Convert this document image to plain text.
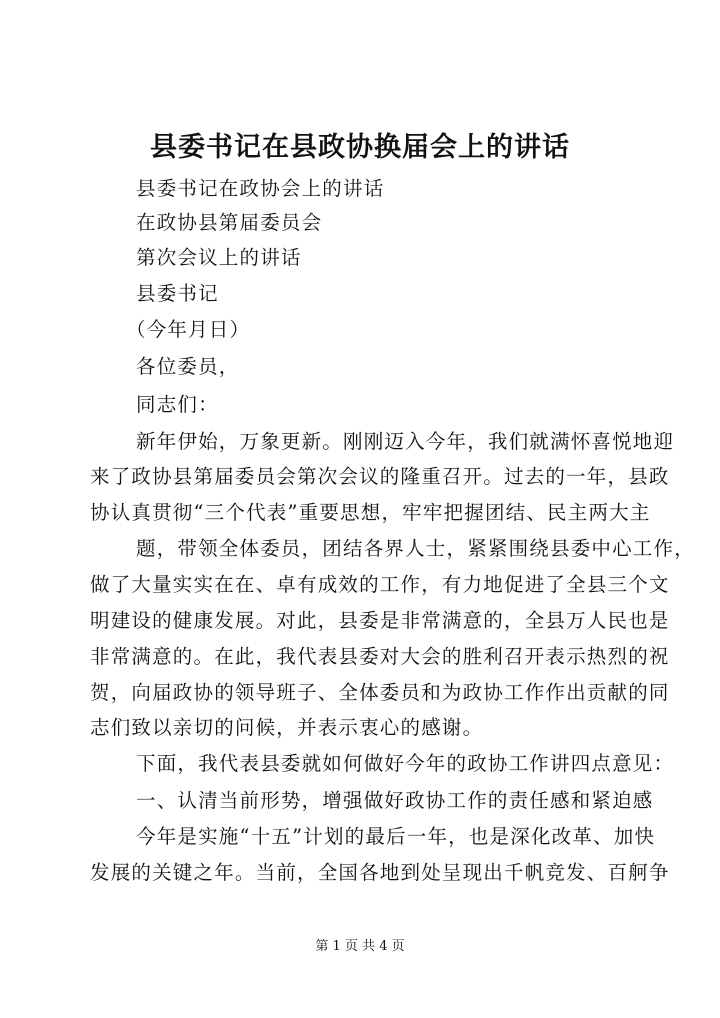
县委书记在县政协换届会上的讲话
县委书记在政协会上的讲话
在政协县第届委员会
第次会议上的讲话
县委书记
（今年月日）
各位委员，
同志们：
新年伊始，万象更新。刚刚迈入今年，我们就满怀喜悦地迎
来了政协县第届委员会第次会议的隆重召开。过去的一年，县政
协认真贯彻“三个代表”重要思想，牢牢把握团结、民主两大主
题，带领全体委员，团结各界人士，紧紧围绕县委中心工作，
做了大量实实在在、卓有成效的工作，有力地促进了全县三个文
明建设的健康发展。对此，县委是非常满意的，全县万人民也是
非常满意的。在此，我代表县委对大会的胜利召开表示热烈的祝
贺，向届政协的领导班子、全体委员和为政协工作作出贡献的同
志们致以亲切的问候，并表示衷心的感谢。
下面，我代表县委就如何做好今年的政协工作讲四点意见：
一、认清当前形势，增强做好政协工作的责任感和紧迫感
今年是实施“十五”计划的最后一年，也是深化改革、加快
发展的关键之年。当前，全国各地到处呈现出千帆竞发、百舸争
第 1 页 共 4 页
